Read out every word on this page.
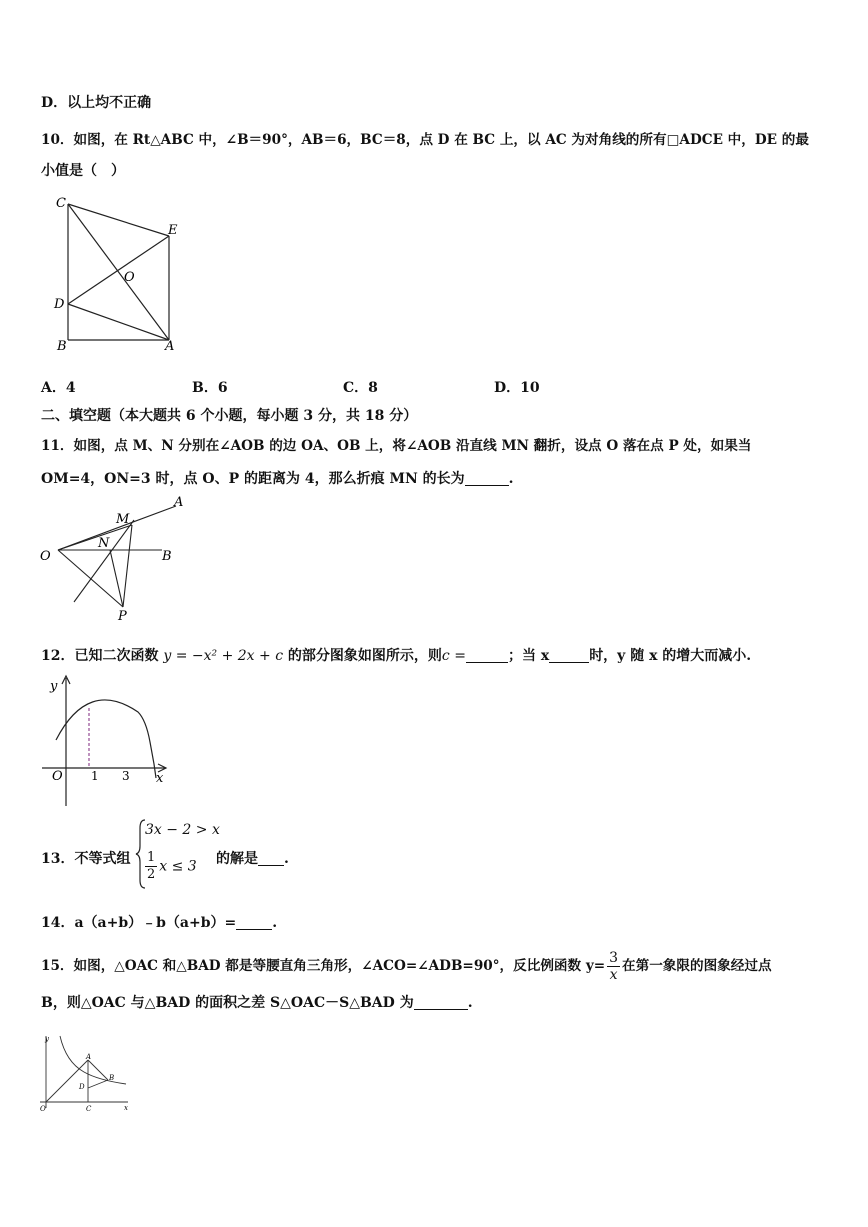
D．以上均不正确
10．如图，在 Rt△ABC 中，∠B＝90°，AB＝6，BC＝8，点 D 在 BC 上，以 AC 为对角线的所有□ADCE 中，DE 的最
小值是（　）
C
E
O
D
B	A
A．4	B．6	C．8	D．10
二、填空题（本大题共 6 个小题，每小题 3 分，共 18 分）
11．如图，点 M、N 分别在∠AOB 的边 OA、OB 上，将∠AOB 沿直线 MN 翻折，设点 O 落在点 P 处，如果当
OM=4，ON=3 时，点 O、P 的距离为 4，那么折痕 MN 的长为	.
A
M
N
O	B
P
12．已知二次函数 y = −x² + 2x + c 的部分图象如图所示，则c =	；当 x	时，y 随 x 的增大而减小.
y
O 1 3 x
13．不等式组
3x − 2 > x
$\frac{1}{2}$ x ≤ 3 的解是 .
14．a（a+b）﹣b（a+b）=	.
15．如图，△OAC 和△BAD 都是等腰直角三角形，∠ACO=∠ADB=90°，反比例函数 $y= \frac{3}{x}$ 在第一象限的图象经过点
B，则△OAC 与△BAD 的面积之差 S△OAC－S△BAD 为	.
y
A
D
B
O	C	x
